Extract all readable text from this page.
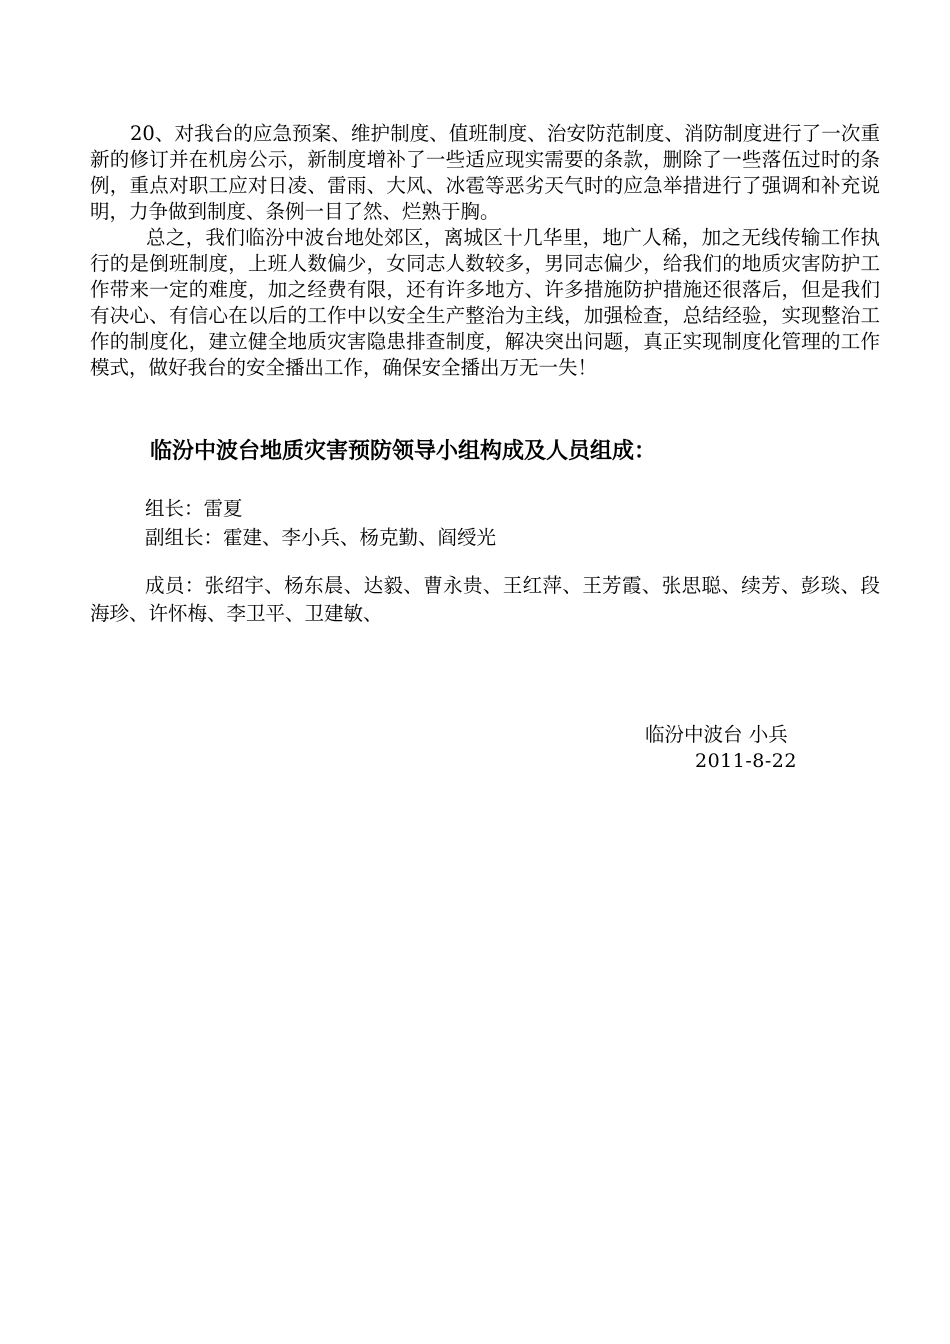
20、对我台的应急预案、维护制度、值班制度、治安防范制度、消防制度进行了一次重新的修订并在机房公示，新制度增补了一些适应现实需要的条款，删除了一些落伍过时的条例，重点对职工应对日凌、雷雨、大风、冰雹等恶劣天气时的应急举措进行了强调和补充说明，力争做到制度、条例一目了然、烂熟于胸。

总之，我们临汾中波台地处郊区，离城区十几华里，地广人稀，加之无线传输工作执行的是倒班制度，上班人数偏少，女同志人数较多，男同志偏少，给我们的地质灾害防护工作带来一定的难度，加之经费有限，还有许多地方、许多措施防护措施还很落后，但是我们有决心、有信心在以后的工作中以安全生产整治为主线，加强检查，总结经验，实现整治工作的制度化，建立健全地质灾害隐患排查制度，解决突出问题，真正实现制度化管理的工作模式，做好我台的安全播出工作，确保安全播出万无一失！

临汾中波台地质灾害预防领导小组构成及人员组成：

组长：雷夏

副组长：霍建、李小兵、杨克勤、阎绶光

成员：张绍宇、杨东晨、达毅、曹永贵、王红萍、王芳霞、张思聪、续芳、彭琰、段海珍、许怀梅、李卫平、卫建敏、

临汾中波台 小兵
2011-8-22
